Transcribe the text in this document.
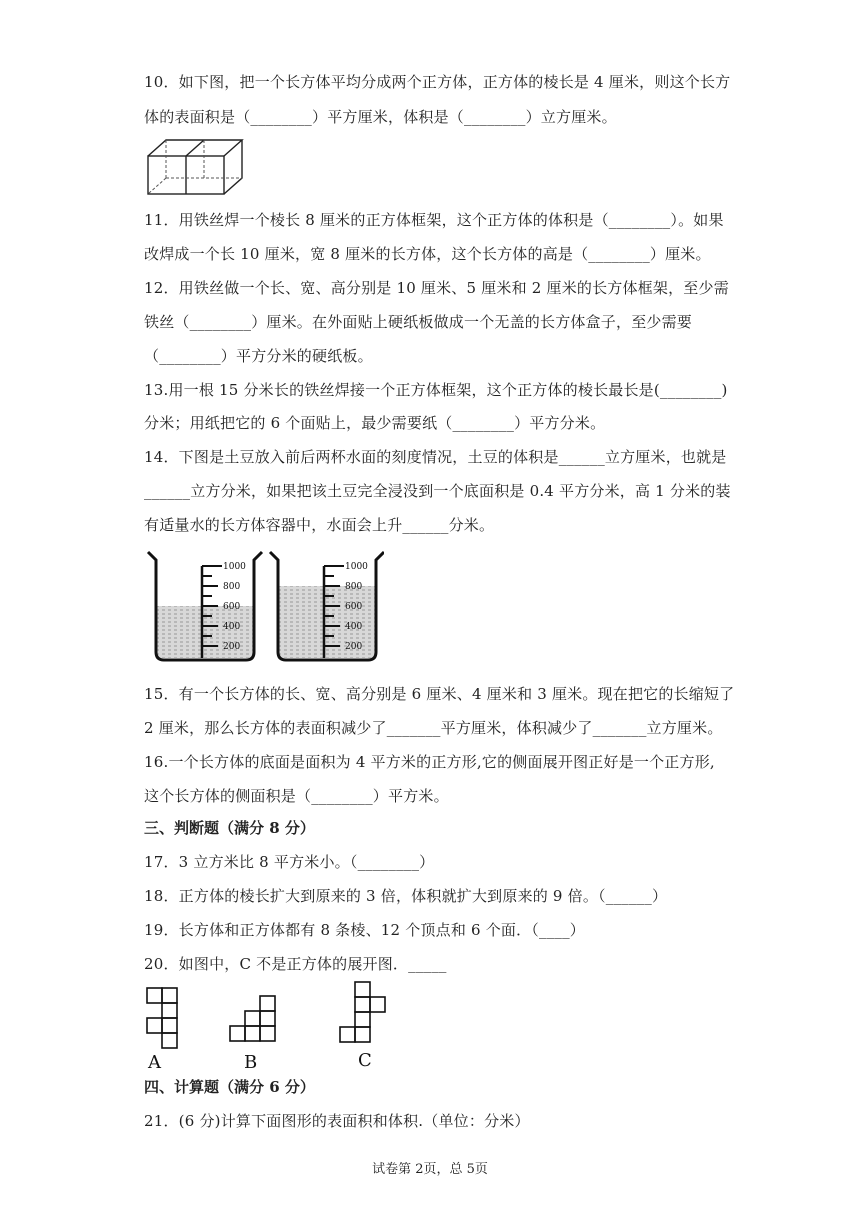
10．如下图，把一个长方体平均分成两个正方体，正方体的棱长是 4 厘米，则这个长方
体的表面积是（________）平方厘米，体积是（________）立方厘米。
11．用铁丝焊一个棱长 8 厘米的正方体框架，这个正方体的体积是（________）。如果
改焊成一个长 10 厘米，宽 8 厘米的长方体，这个长方体的高是（________）厘米。
12．用铁丝做一个长、宽、高分别是 10 厘米、5 厘米和 2 厘米的长方体框架，至少需
铁丝（________）厘米。在外面贴上硬纸板做成一个无盖的长方体盒子，至少需要
（________）平方分米的硬纸板。
13.用一根 15 分米长的铁丝焊接一个正方体框架，这个正方体的棱长最长是(________)
分米；用纸把它的 6 个面贴上，最少需要纸（________）平方分米。
14．下图是土豆放入前后两杯水面的刻度情况，土豆的体积是______立方厘米，也就是
______立方分米，如果把该土豆完全浸没到一个底面积是 0.4 平方分米，高 1 分米的装
有适量水的长方体容器中，水面会上升______分米。
1000
800
600
400
200
1000
800
600
400
200
15．有一个长方体的长、宽、高分别是 6 厘米、4 厘米和 3 厘米。现在把它的长缩短了
2 厘米，那么长方体的表面积减少了_______平方厘米，体积减少了_______立方厘米。
16.一个长方体的底面是面积为 4 平方米的正方形,它的侧面展开图正好是一个正方形,
这个长方体的侧面积是（________）平方米。
三、判断题（满分 8 分）
17．3 立方米比 8 平方米小。（________）
18．正方体的棱长扩大到原来的 3 倍，体积就扩大到原来的 9 倍。（______）
19．长方体和正方体都有 8 条棱、12 个顶点和 6 个面．（____）
20．如图中，C 不是正方体的展开图．_____
A	B	C
四、计算题（满分 6 分）
21．(6 分)计算下面图形的表面积和体积.（单位：分米）
试卷第 2页，总 5页
